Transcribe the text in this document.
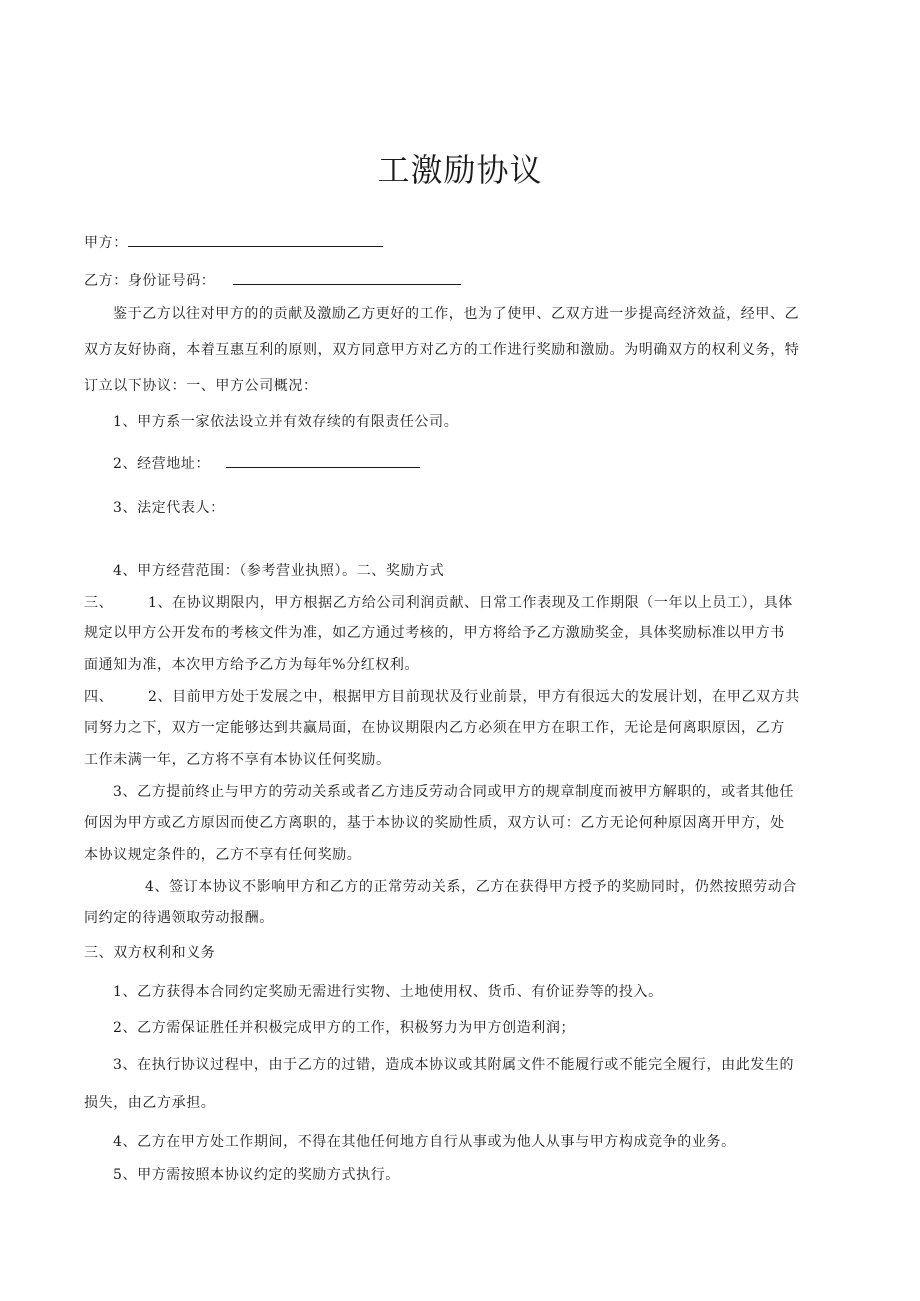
工激励协议
甲方：
乙方：身份证号码：
鉴于乙方以往对甲方的的贡献及激励乙方更好的工作，也为了使甲、乙双方进一步提高经济效益，经甲、乙
双方友好协商，本着互惠互利的原则，双方同意甲方对乙方的工作进行奖励和激励。为明确双方的权利义务，特
订立以下协议：一、甲方公司概况：
1、甲方系一家依法设立并有效存续的有限责任公司。
2、经营地址：
3、法定代表人：
4、甲方经营范围：（参考营业执照）。二、奖励方式
三、 1、在协议期限内，甲方根据乙方给公司利润贡献、日常工作表现及工作期限（一年以上员工），具体
规定以甲方公开发布的考核文件为准，如乙方通过考核的，甲方将给予乙方激励奖金，具体奖励标准以甲方书
面通知为准，本次甲方给予乙方为每年%分红权利。
四、 2、目前甲方处于发展之中，根据甲方目前现状及行业前景，甲方有很远大的发展计划，在甲乙双方共
同努力之下，双方一定能够达到共赢局面，在协议期限内乙方必须在甲方在职工作，无论是何离职原因，乙方
工作未满一年，乙方将不享有本协议任何奖励。
3、乙方提前终止与甲方的劳动关系或者乙方违反劳动合同或甲方的规章制度而被甲方解职的，或者其他任
何因为甲方或乙方原因而使乙方离职的，基于本协议的奖励性质，双方认可：乙方无论何种原因离开甲方，处
本协议规定条件的，乙方不享有任何奖励。
4、签订本协议不影响甲方和乙方的正常劳动关系，乙方在获得甲方授予的奖励同时，仍然按照劳动合
同约定的待遇领取劳动报酬。
三、双方权利和义务
1、乙方获得本合同约定奖励无需进行实物、土地使用权、货币、有价证券等的投入。
2、乙方需保证胜任并积极完成甲方的工作，积极努力为甲方创造利润；
3、在执行协议过程中，由于乙方的过错，造成本协议或其附属文件不能履行或不能完全履行，由此发生的
损失，由乙方承担。
4、乙方在甲方处工作期间，不得在其他任何地方自行从事或为他人从事与甲方构成竞争的业务。
5、甲方需按照本协议约定的奖励方式执行。
